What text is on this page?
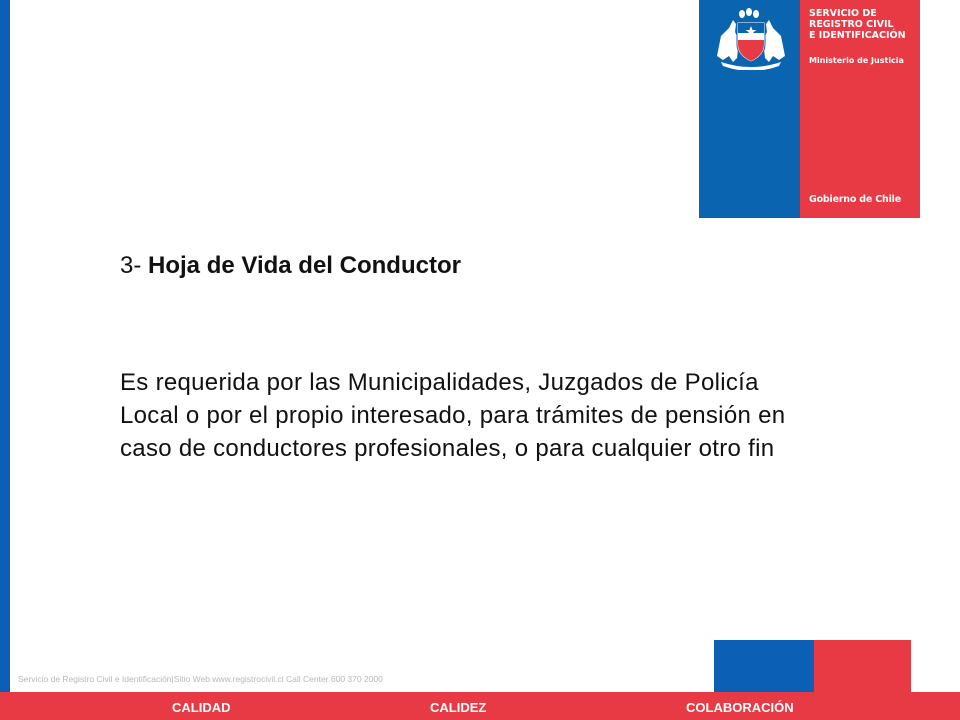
SERVICIO DE
REGISTRO CIVIL
E IDENTIFICACIÓN
Ministerio de Justicia
Gobierno de Chile
3- Hoja de Vida del Conductor
Es requerida por las Municipalidades, Juzgados de Policía Local o por el propio interesado, para trámites de pensión en caso de conductores profesionales, o para cualquier otro fin
Servicio de Registro Civil e Identificación|Sitio Web www.registrocivil.cl Call Center 600 370 2000
CALIDAD	CALIDEZ	COLABORACIÓN
